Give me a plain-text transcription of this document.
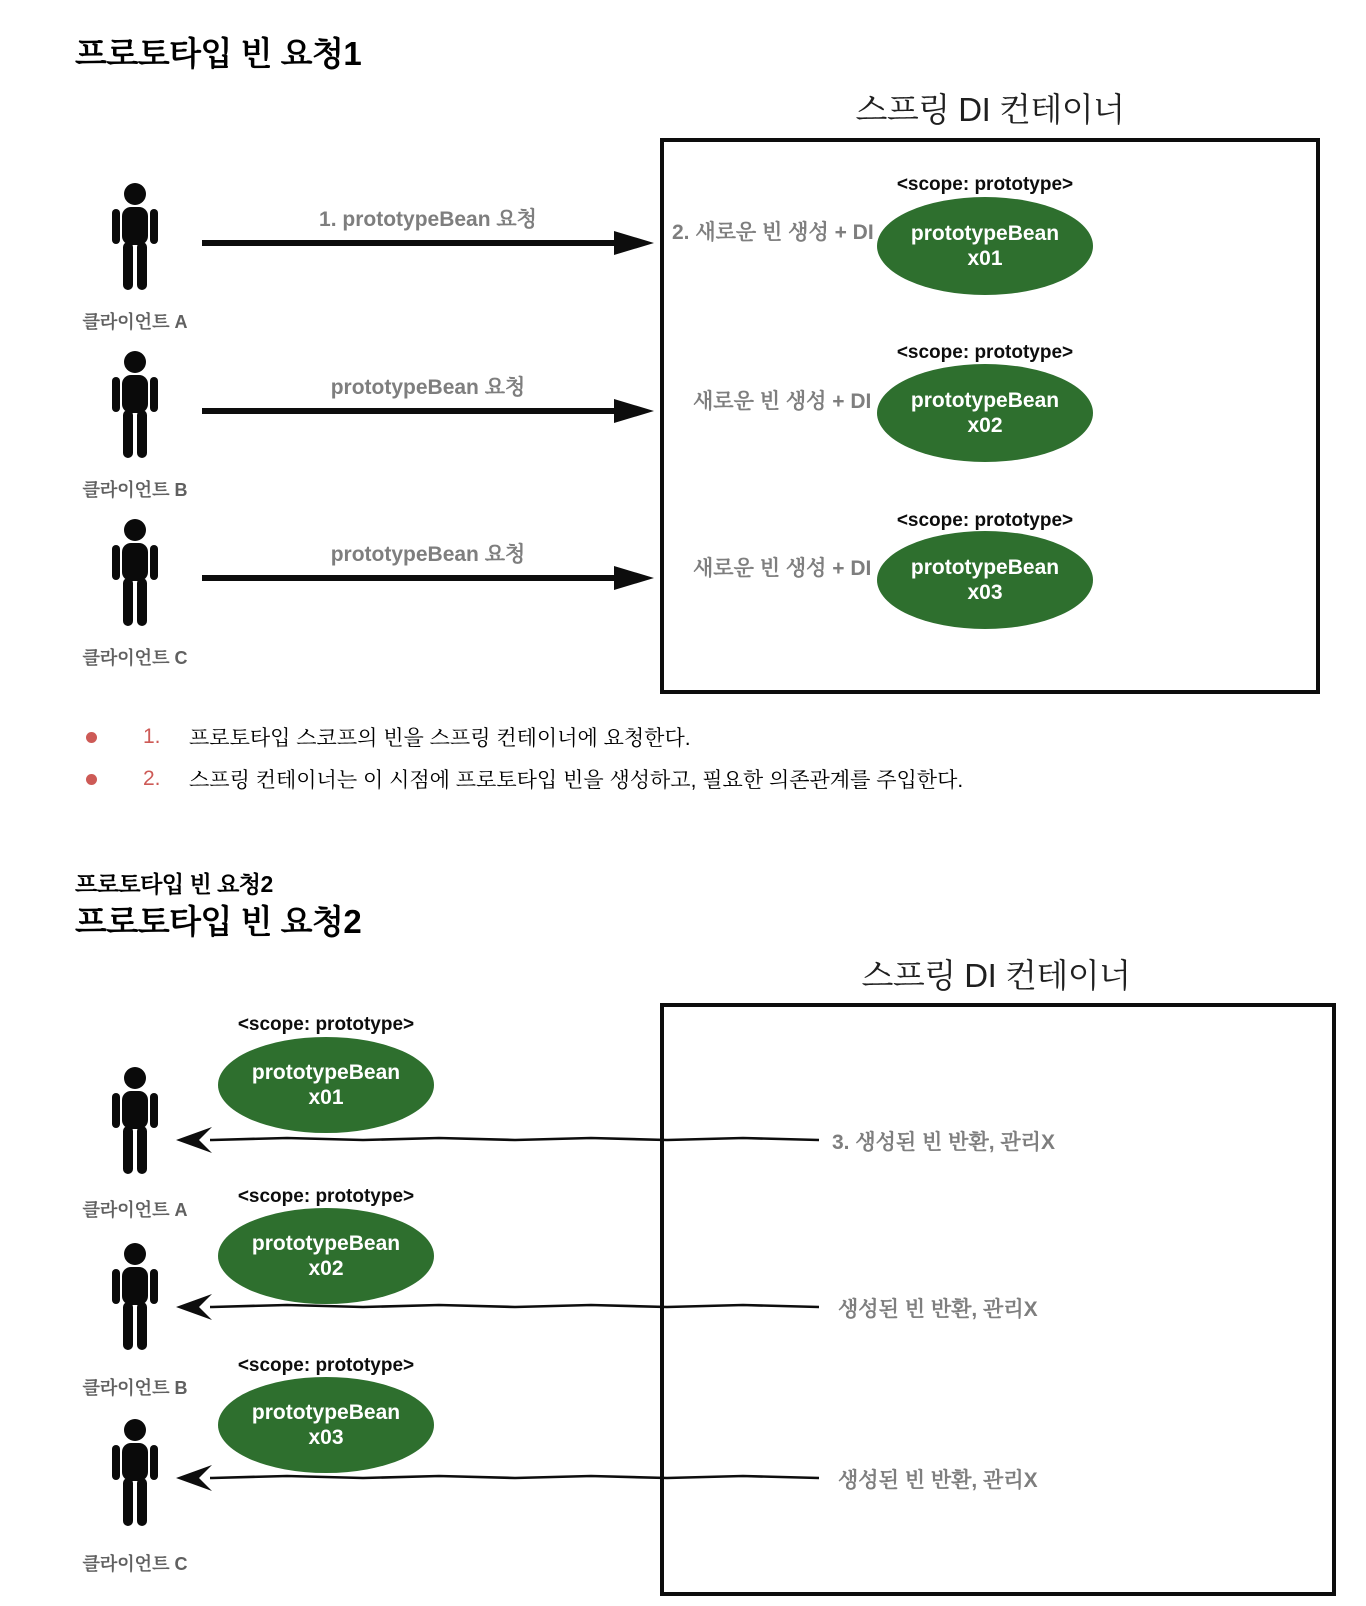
프로토타입 빈 요청1
스프링 DI 컨테이너
클라이언트 A
클라이언트 B
클라이언트 C
1. prototypeBean 요청
prototypeBean 요청
prototypeBean 요청
2. 새로운 빈 생성 + DI
<scope: prototype>
prototypeBean
x01
새로운 빈 생성 + DI
<scope: prototype>
prototypeBean
x02
새로운 빈 생성 + DI
<scope: prototype>
prototypeBean
x03
1.	프로토타입 스코프의 빈을 스프링 컨테이너에 요청한다.
2.	스프링 컨테이너는 이 시점에 프로토타입 빈을 생성하고, 필요한 의존관계를 주입한다.
프로토타입 빈 요청2
프로토타입 빈 요청2
스프링 DI 컨테이너
<scope: prototype>
prototypeBean
x01
클라이언트 A
3. 생성된 빈 반환, 관리X
<scope: prototype>
prototypeBean
x02
클라이언트 B
생성된 빈 반환, 관리X
<scope: prototype>
prototypeBean
x03
클라이언트 C
생성된 빈 반환, 관리X
